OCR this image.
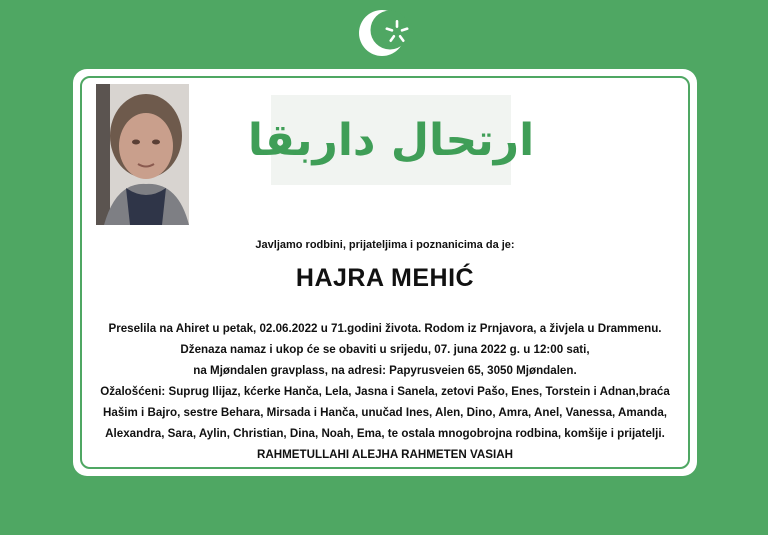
ارتحال داربقا
Javljamo rodbini, prijateljima i poznanicima da je:
HAJRA MEHIĆ
Preselila na Ahiret u petak, 02.06.2022 u 71.godini života. Rodom iz Prnjavora, a živjela u Drammenu.
Dženaza namaz i ukop će se obaviti u srijedu, 07. juna 2022 g. u 12:00 sati,
na Mjøndalen gravplass, na adresi: Papyrusveien 65, 3050 Mjøndalen.
Ožalošćeni: Suprug Ilijaz, kćerke Hanča, Lela, Jasna i Sanela, zetovi Pašo, Enes, Torstein i Adnan,braća
Hašim i Bajro, sestre Behara, Mirsada i Hanča, unučad Ines, Alen, Dino, Amra, Anel, Vanessa, Amanda,
Alexandra, Sara, Aylin, Christian, Dina, Noah, Ema, te ostala mnogobrojna rodbina, komšije i prijatelji.
RAHMETULLAHI ALEJHA RAHMETEN VASIAH
